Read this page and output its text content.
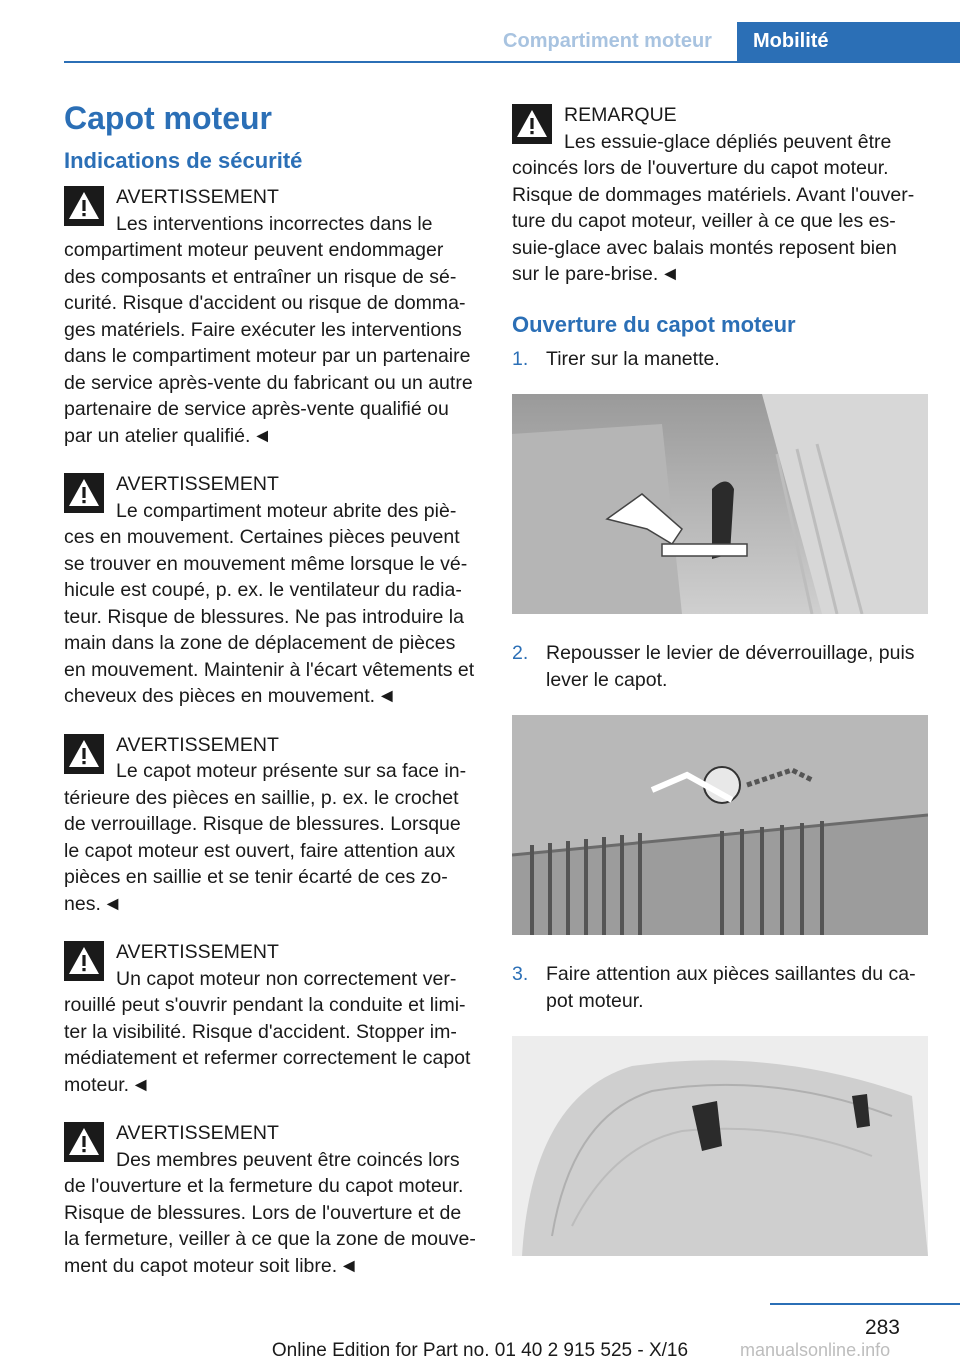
Compartiment moteur	Mobilité
Capot moteur
Indications de sécurité
AVERTISSEMENT
Les interventions incorrectes dans le compartiment moteur peuvent endommager des composants et entraîner un risque de sécurité. Risque d'accident ou risque de dommages matériels. Faire exécuter les interventions dans le compartiment moteur par un partenaire de service après-vente du fabricant ou un autre partenaire de service après-vente qualifié ou par un atelier qualifié. ◄
AVERTISSEMENT
Le compartiment moteur abrite des pièces en mouvement. Certaines pièces peuvent se trouver en mouvement même lorsque le véhicule est coupé, p. ex. le ventilateur du radiateur. Risque de blessures. Ne pas introduire la main dans la zone de déplacement de pièces en mouvement. Maintenir à l'écart vêtements et cheveux des pièces en mouvement. ◄
AVERTISSEMENT
Le capot moteur présente sur sa face intérieure des pièces en saillie, p. ex. le crochet de verrouillage. Risque de blessures. Lorsque le capot moteur est ouvert, faire attention aux pièces en saillie et se tenir écarté de ces zones. ◄
AVERTISSEMENT
Un capot moteur non correctement verrouillé peut s'ouvrir pendant la conduite et limiter la visibilité. Risque d'accident. Stopper immédiatement et refermer correctement le capot moteur. ◄
AVERTISSEMENT
Des membres peuvent être coincés lors de l'ouverture et la fermeture du capot moteur. Risque de blessures. Lors de l'ouverture et de la fermeture, veiller à ce que la zone de mouvement du capot moteur soit libre. ◄
REMARQUE
Les essuie-glace dépliés peuvent être coincés lors de l'ouverture du capot moteur. Risque de dommages matériels. Avant l'ouverture du capot moteur, veiller à ce que les essuie-glace avec balais montés reposent bien sur le pare-brise. ◄
Ouverture du capot moteur
1. Tirer sur la manette.
2. Repousser le levier de déverrouillage, puis lever le capot.
3. Faire attention aux pièces saillantes du capot moteur.
283
Online Edition for Part no. 01 40 2 915 525 - X/16	manualsonline.info
